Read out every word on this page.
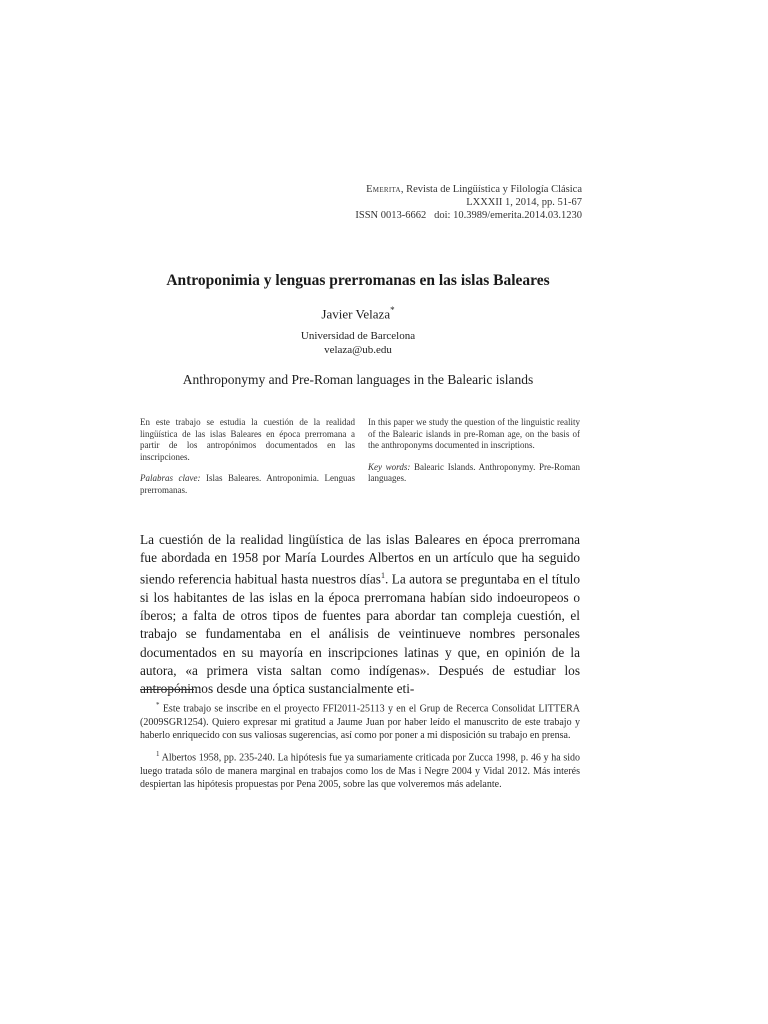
Emerita, Revista de Lingüística y Filología Clásica
LXXXII 1, 2014, pp. 51-67
ISSN 0013-6662 doi: 10.3989/emerita.2014.03.1230
Antroponimia y lenguas prerromanas en las islas Baleares
Javier Velaza*
Universidad de Barcelona
velaza@ub.edu
Anthroponymy and Pre-Roman languages in the Balearic islands

En este trabajo se estudia la cuestión de la realidad lingüística de las islas Baleares en época prerromana a partir de los antropónimos documentados en las inscripciones.

Palabras clave: Islas Baleares. Antroponimia. Lenguas prerromanas.

In this paper we study the question of the linguistic reality of the Balearic islands in pre-Roman age, on the basis of the anthroponyms documented in inscriptions.

Key words: Balearic Islands. Anthroponymy. Pre-Roman languages.

La cuestión de la realidad lingüística de las islas Baleares en época prerromana fue abordada en 1958 por María Lourdes Albertos en un artículo que ha seguido siendo referencia habitual hasta nuestros días$^1$. La autora se preguntaba en el título si los habitantes de las islas en la época prerromana habían sido indoeuropeos o íberos; a falta de otros tipos de fuentes para abordar tan compleja cuestión, el trabajo se fundamentaba en el análisis de veintinueve nombres personales documentados en su mayoría en inscripciones latinas y que, en opinión de la autora, «a primera vista saltan como indígenas». Después de estudiar los antropónimos desde una óptica sustancialmente eti-

* Este trabajo se inscribe en el proyecto FFI2011-25113 y en el Grup de Recerca Consolidat LITTERA (2009SGR1254). Quiero expresar mi gratitud a Jaume Juan por haber leído el manuscrito de este trabajo y haberlo enriquecido con sus valiosas sugerencias, así como por poner a mi disposición su trabajo en prensa.

$^1$ Albertos 1958, pp. 235-240. La hipótesis fue ya sumariamente criticada por Zucca 1998, p. 46 y ha sido luego tratada sólo de manera marginal en trabajos como los de Mas i Negre 2004 y Vidal 2012. Más interés despiertan las hipótesis propuestas por Pena 2005, sobre las que volveremos más adelante.
